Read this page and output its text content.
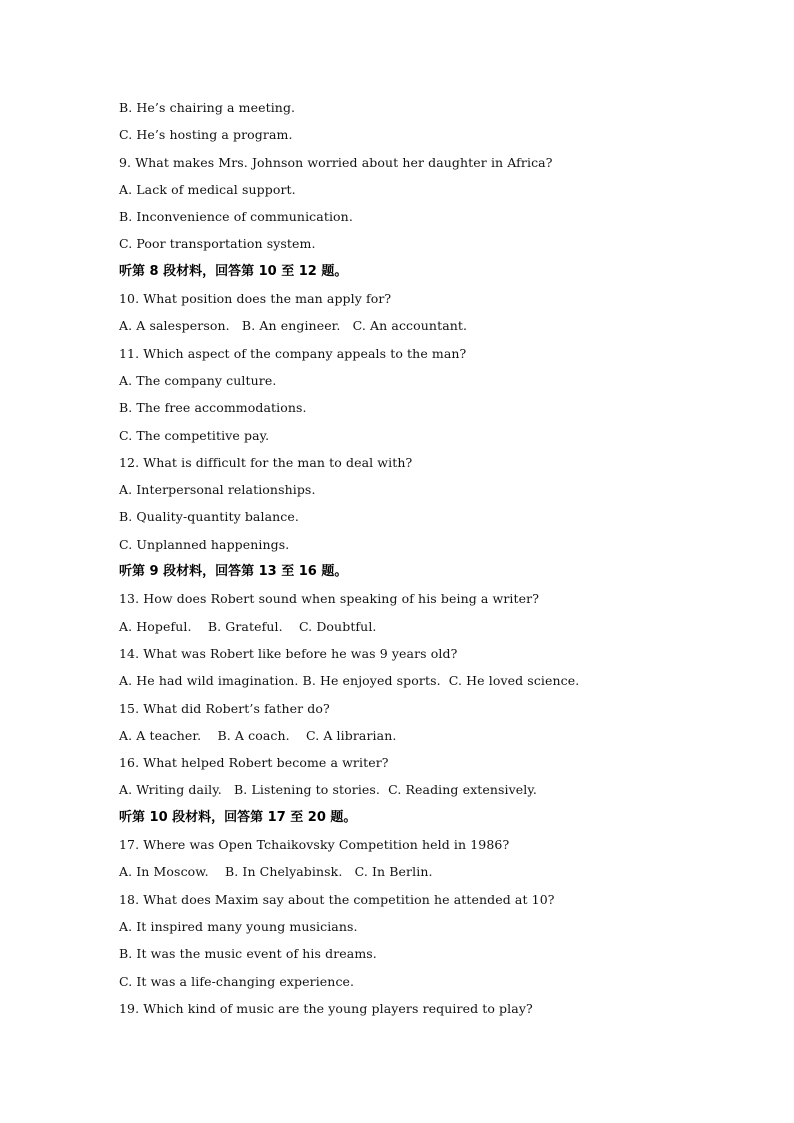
B. He’s chairing a meeting.
C. He’s hosting a program.
9. What makes Mrs. Johnson worried about her daughter in Africa?
A. Lack of medical support.
B. Inconvenience of communication.
C. Poor transportation system.
听第 8 段材料，回答第 10 至 12 题。
10. What position does the man apply for?
A. A salesperson.   B. An engineer.   C. An accountant.
11. Which aspect of the company appeals to the man?
A. The company culture.
B. The free accommodations.
C. The competitive pay.
12. What is difficult for the man to deal with?
A. Interpersonal relationships.
B. Quality-quantity balance.
C. Unplanned happenings.
听第 9 段材料，回答第 13 至 16 题。
13. How does Robert sound when speaking of his being a writer?
A. Hopeful.    B. Grateful.    C. Doubtful.
14. What was Robert like before he was 9 years old?
A. He had wild imagination. B. He enjoyed sports.  C. He loved science.
15. What did Robert’s father do?
A. A teacher.    B. A coach.    C. A librarian.
16. What helped Robert become a writer?
A. Writing daily.   B. Listening to stories.  C. Reading extensively.
听第 10 段材料，回答第 17 至 20 题。
17. Where was Open Tchaikovsky Competition held in 1986?
A. In Moscow.    B. In Chelyabinsk.   C. In Berlin.
18. What does Maxim say about the competition he attended at 10?
A. It inspired many young musicians.
B. It was the music event of his dreams.
C. It was a life-changing experience.
19. Which kind of music are the young players required to play?
